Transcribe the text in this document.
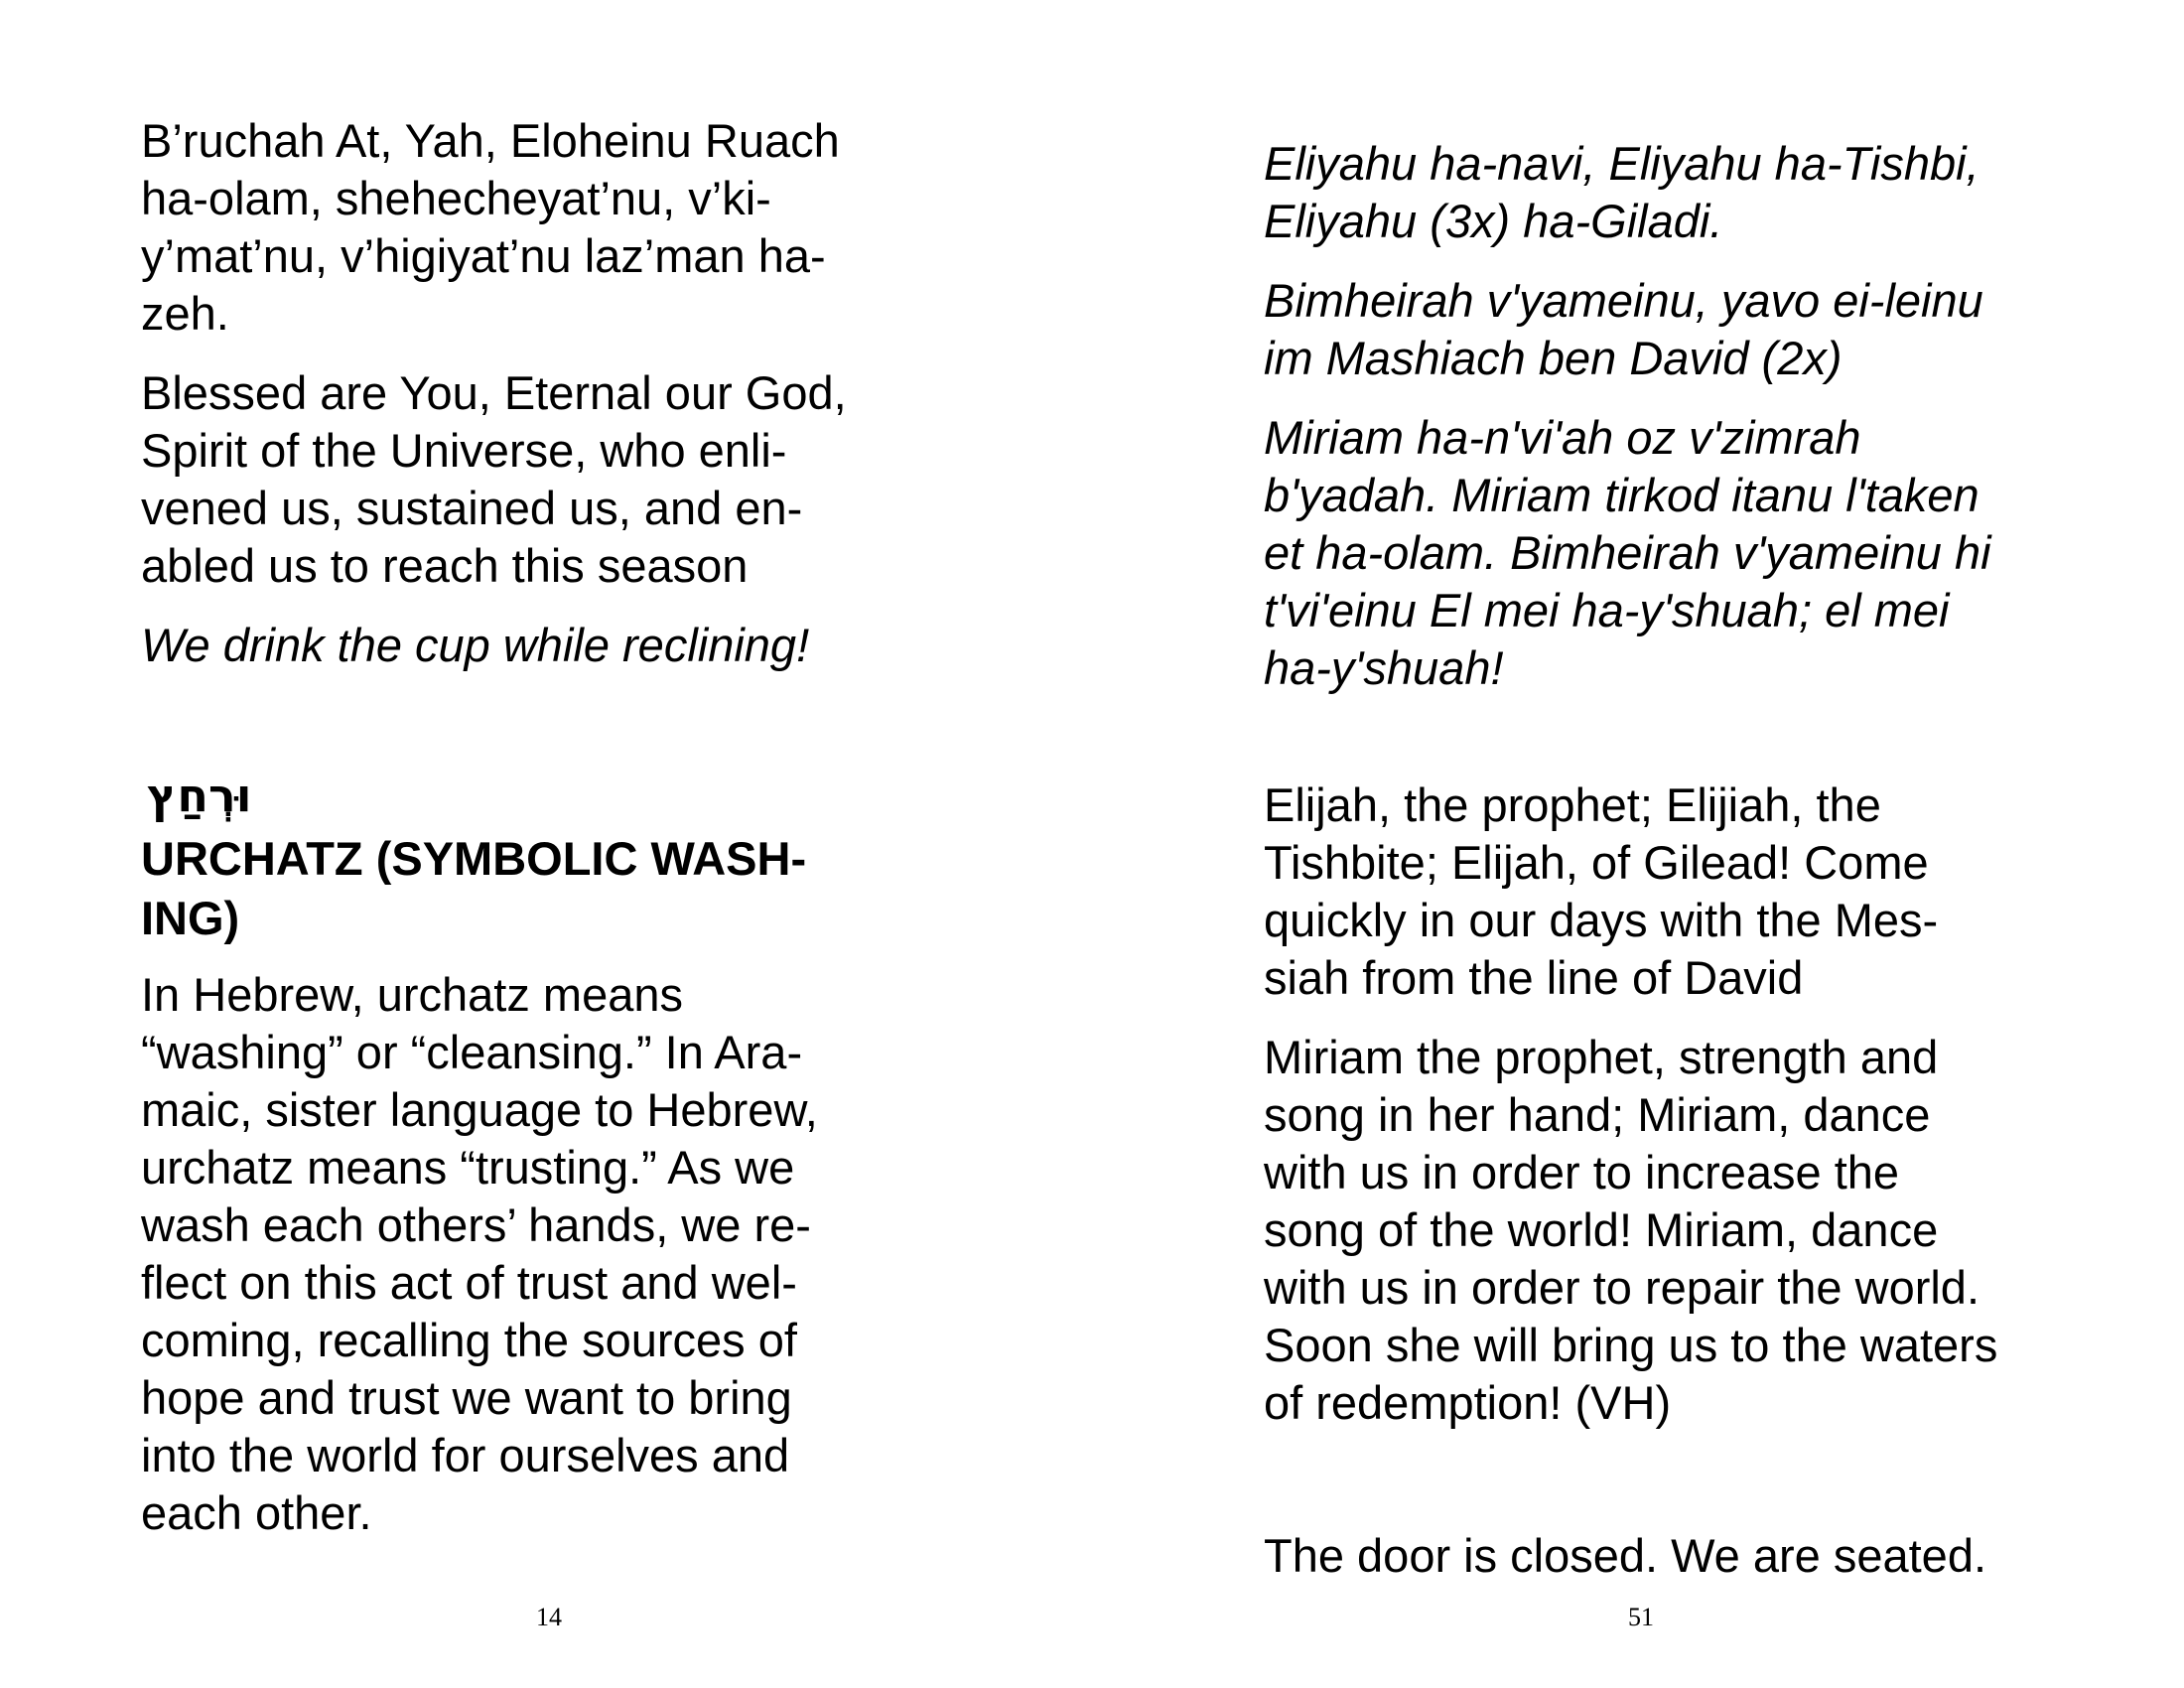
B’ruchah At, Yah, Eloheinu Ruach
ha-olam, shehecheyat’nu, v’ki-
y’mat’nu, v’higiyat’nu laz’man ha-
zeh.

Blessed are You, Eternal our God,
Spirit of the Universe, who enli-
vened us, sustained us, and en-
abled us to reach this season

We drink the cup while reclining!

וּרְחַץ

URCHATZ (SYMBOLIC WASH-
ING)

In Hebrew, urchatz means
“washing” or “cleansing.” In Ara-
maic, sister language to Hebrew,
urchatz means “trusting.” As we
wash each others’ hands, we re-
flect on this act of trust and wel-
coming, recalling the sources of
hope and trust we want to bring
into the world for ourselves and
each other.

14

Eliyahu ha-navi, Eliyahu ha-Tishbi,
Eliyahu (3x) ha-Giladi.

Bimheirah v'yameinu, yavo ei-leinu
im Mashiach ben David (2x)

Miriam ha-n'vi'ah oz v'zimrah
b'yadah. Miriam tirkod itanu l'taken
et ha-olam. Bimheirah v'yameinu hi
t'vi'einu El mei ha-y'shuah; el mei
ha-y'shuah!

Elijah, the prophet; Elijiah, the
Tishbite; Elijah, of Gilead! Come
quickly in our days with the Mes-
siah from the line of David

Miriam the prophet, strength and
song in her hand; Miriam, dance
with us in order to increase the
song of the world! Miriam, dance
with us in order to repair the world.
Soon she will bring us to the waters
of redemption! (VH)

The door is closed. We are seated.

51
